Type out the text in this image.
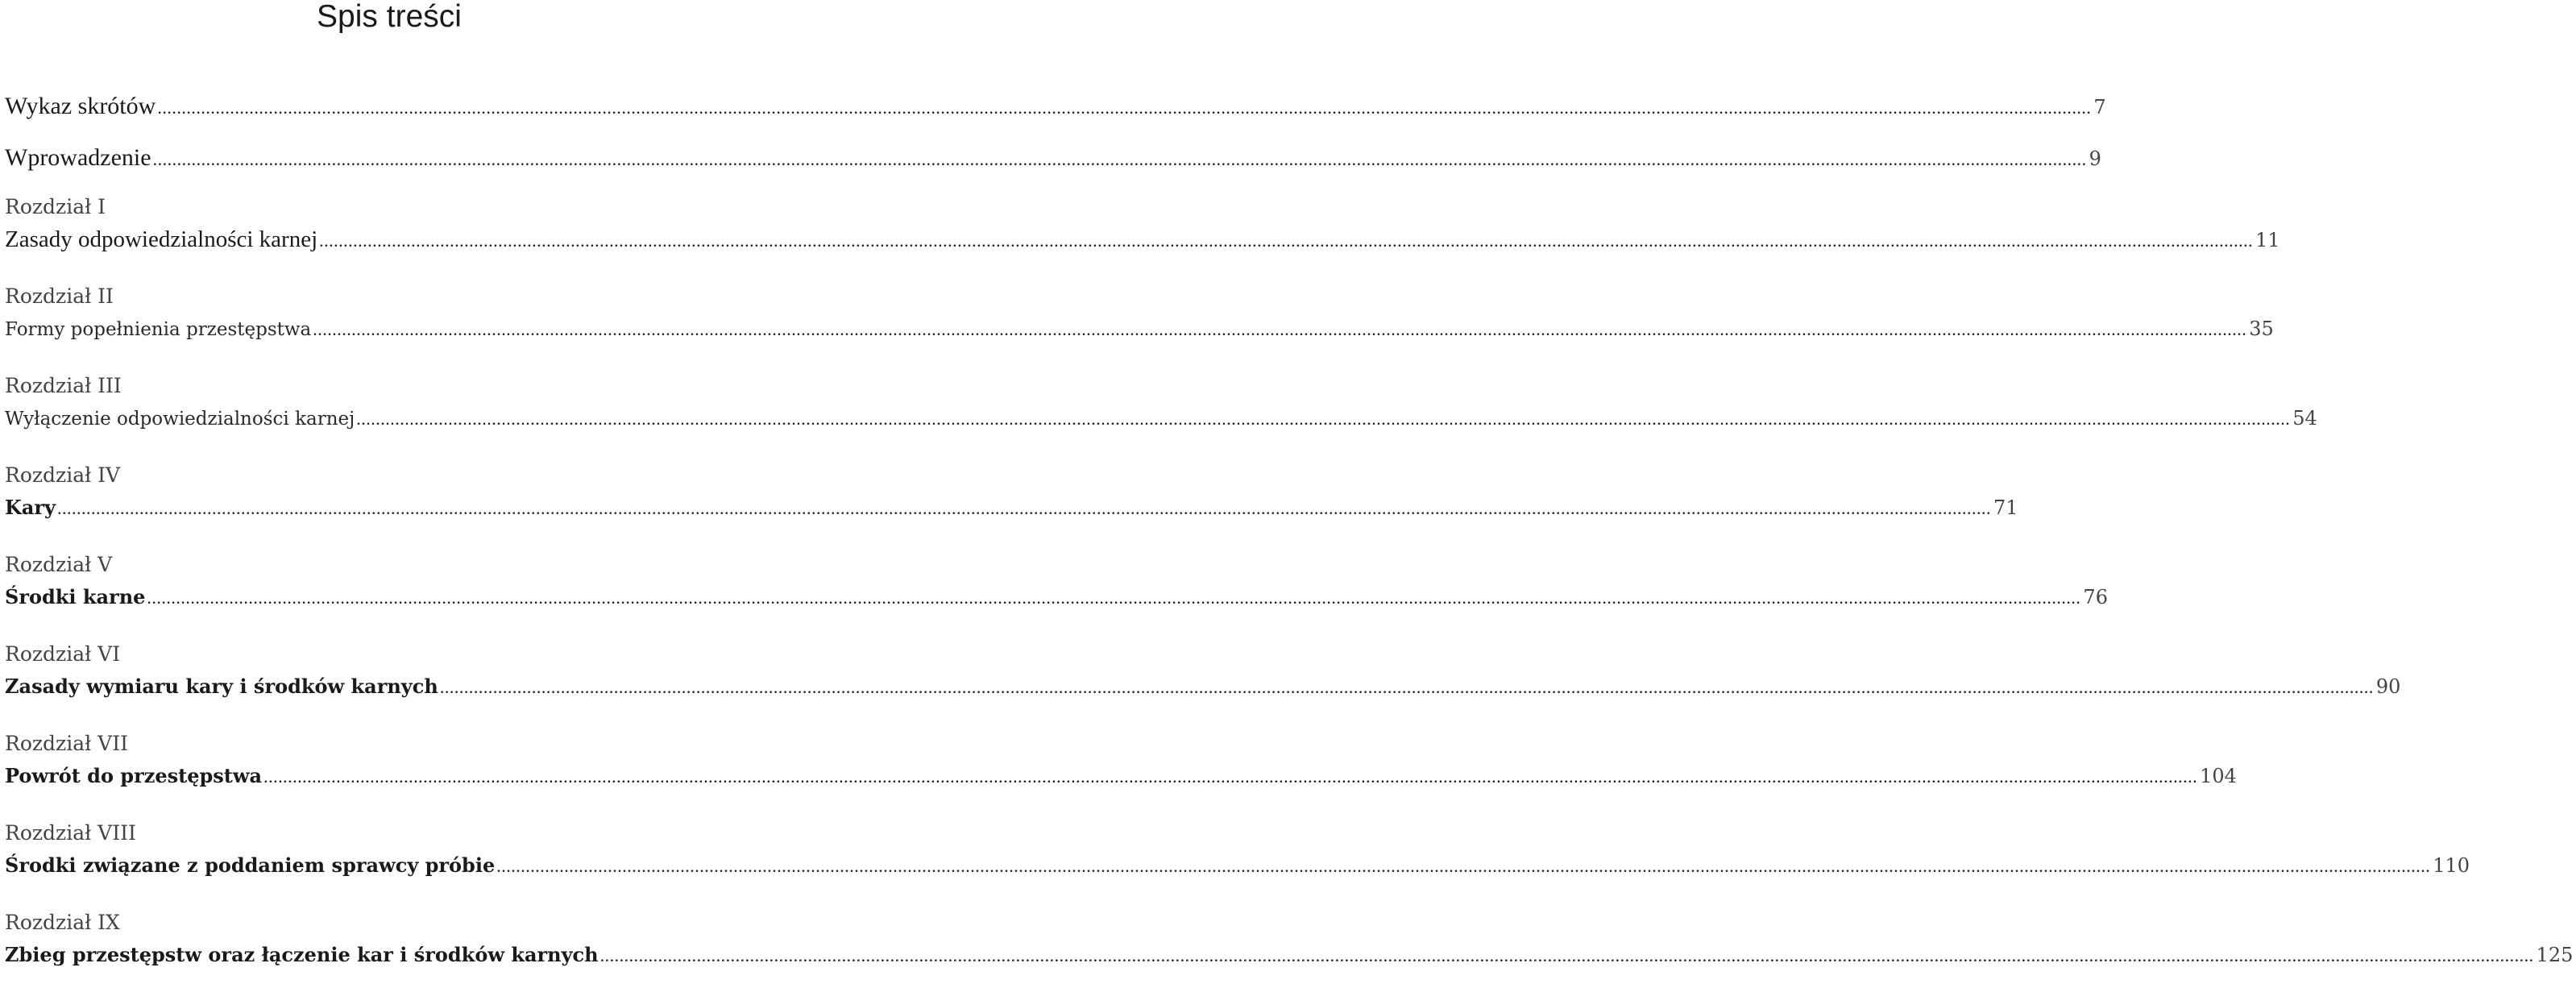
Spis treści
Wykaz skrótów ................................................................................................................................................................................................................................................................................................................................................................................................................ 7
Wprowadzenie ................................................................................................................................................................................................................................................................................................................................................................................................................ 9
Rozdział I
Zasady odpowiedzialności karnej ................................................................................................................................................................................................................................................................................................................................................................................................................ 11
Rozdział II
Formy popełnienia przestępstwa ................................................................................................................................................................................................................................................................................................................................................................................................................ 35
Rozdział III
Wyłączenie odpowiedzialności karnej ................................................................................................................................................................................................................................................................................................................................................................................................................ 54
Rozdział IV
Kary ................................................................................................................................................................................................................................................................................................................................................................................................................ 71
Rozdział V
Środki karne ................................................................................................................................................................................................................................................................................................................................................................................................................ 76
Rozdział VI
Zasady wymiaru kary i środków karnych ................................................................................................................................................................................................................................................................................................................................................................................................................ 90
Rozdział VII
Powrót do przestępstwa ................................................................................................................................................................................................................................................................................................................................................................................................................ 104
Rozdział VIII
Środki związane z poddaniem sprawcy próbie ................................................................................................................................................................................................................................................................................................................................................................................................................ 110
Rozdział IX
Zbieg przestępstw oraz łączenie kar i środków karnych ................................................................................................................................................................................................................................................................................................................................................................................................................ 125
